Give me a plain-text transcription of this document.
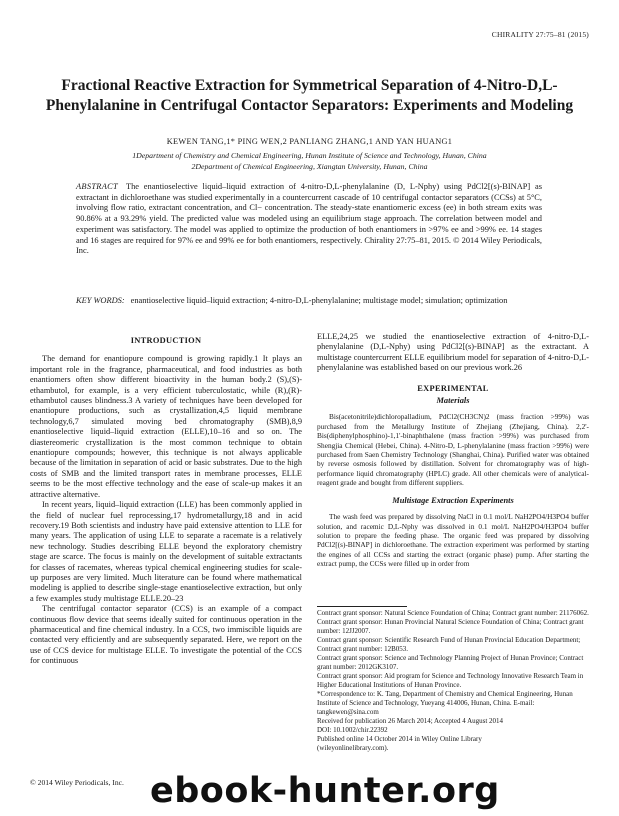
CHIRALITY 27:75–81 (2015)
Fractional Reactive Extraction for Symmetrical Separation of 4-Nitro-D,L-Phenylalanine in Centrifugal Contactor Separators: Experiments and Modeling
KEWEN TANG,1* PING WEN,2 PANLIANG ZHANG,1 AND YAN HUANG1
1Department of Chemistry and Chemical Engineering, Hunan Institute of Science and Technology, Hunan, China
2Department of Chemical Engineering, Xiangtan University, Hunan, China
ABSTRACT The enantioselective liquid–liquid extraction of 4-nitro-D,L-phenylalanine (D, L-Nphy) using PdCl2[(s)-BINAP] as extractant in dichloroethane was studied experimentally in a countercurrent cascade of 10 centrifugal contactor separators (CCSs) at 5°C, involving flow ratio, extractant concentration, and Cl− concentration. The steady-state enantiomeric excess (ee) in both stream exits was 90.86% at a 93.29% yield. The predicted value was modeled using an equilibrium stage approach. The correlation between model and experiment was satisfactory. The model was applied to optimize the production of both enantiomers in >97% ee and >99% ee. 14 stages and 16 stages are required for 97% ee and 99% ee for both enantiomers, respectively. Chirality 27:75–81, 2015. © 2014 Wiley Periodicals, Inc.
KEY WORDS: enantioselective liquid–liquid extraction; 4-nitro-D,L-phenylalanine; multistage model; simulation; optimization
INTRODUCTION

The demand for enantiopure compound is growing rapidly.1 It plays an important role in the fragrance, pharmaceutical, and food industries as both enantiomers often show different bioactivity in the human body.2 (S),(S)-ethambutol, for example, is a very efficient tuberculostatic, while (R),(R)-ethambutol causes blindness.3 A variety of techniques have been developed for enantiopure productions, such as crystallization,4,5 liquid membrane technology,6,7 simulated moving bed chromatography (SMB),8,9 enantioselective liquid–liquid extraction (ELLE),10–16 and so on. The diastereomeric crystallization is the most common technique to obtain enantiopure compounds; however, this technique is not always applicable because of the limitation in separation of acid or basic substrates. Due to the high costs of SMB and the limited transport rates in membrane processes, ELLE seems to be the most effective technology and the ease of scale-up makes it an attractive alternative.

In recent years, liquid–liquid extraction (LLE) has been commonly applied in the field of nuclear fuel reprocessing,17 hydrometallurgy,18 and in acid recovery.19 Both scientists and industry have paid extensive attention to LLE for many years. The application of using LLE to separate a racemate is a relatively new technology. Studies describing ELLE beyond the exploratory chemistry stage are scarce. The focus is mainly on the development of suitable extractants for classes of racemates, whereas typical chemical engineering studies for scale-up purposes are very limited. Much literature can be found where mathematical modeling is applied to describe single-stage enantioselective extraction, but only a few examples study multistage ELLE.20–23

The centrifugal contactor separator (CCS) is an example of a compact continuous flow device that seems ideally suited for continuous operation in the pharmaceutical and fine chemical industry. In a CCS, two immiscible liquids are contacted very efficiently and are subsequently separated. Here, we report on the use of CCS device for multistage ELLE. To investigate the potential of the CCS for continuous

ELLE,24,25 we studied the enantioselective extraction of 4-nitro-D,L-phenylalanine (D,L-Nphy) using PdCl2[(s)-BINAP] as the extractant. A multistage countercurrent ELLE equilibrium model for separation of 4-nitro-D,L-phenylalanine was established based on our previous work.26

EXPERIMENTAL
Materials

Bis(acetonitrile)dichloropalladium, PdCl2(CH3CN)2 (mass fraction >99%) was purchased from the Metallurgy Institute of Zhejiang (Zhejiang, China). 2,2'-Bis(diphenylphosphino)-1,1'-binaphthalene (mass fraction >99%) was purchased from Shengjia Chemical (Hebei, China). 4-Nitro-D, L-phenylalanine (mass fraction >99%) were purchased from Saen Chemistry Technology (Shanghai, China). Purified water was obtained by reverse osmosis followed by distillation. Solvent for chromatography was of high-performance liquid chromatography (HPLC) grade. All other chemicals were of analytical-reagent grade and bought from different suppliers.

Multistage Extraction Experiments

The wash feed was prepared by dissolving NaCl in 0.1 mol/L NaH2PO4/H3PO4 buffer solution, and racemic D,L-Nphy was dissolved in 0.1 mol/L NaH2PO4/H3PO4 buffer solution to prepare the feeding phase. The organic feed was prepared by dissolving PdCl2[(s)-BINAP] in dichloroethane. The extraction experiment was performed by starting the engines of all CCSs and starting the extract (organic phase) pump. After starting the extract pump, the CCSs were filled up in order from

Contract grant sponsor: Natural Science Foundation of China; Contract grant number: 21176062.
Contract grant sponsor: Hunan Provincial Natural Science Foundation of China; Contract grant number: 12JJ2007.
Contract grant sponsor: Scientific Research Fund of Hunan Provincial Education Department; Contract grant number: 12B053.
Contract grant sponsor: Science and Technology Planning Project of Hunan Province; Contract grant number: 2012GK3107.
Contract grant sponsor: Aid program for Science and Technology Innovative Research Team in Higher Educational Institutions of Hunan Province.
*Correspondence to: K. Tang, Department of Chemistry and Chemical Engineering, Hunan Institute of Science and Technology, Yueyang 414006, Hunan, China. E-mail: tangkewen@sina.com
Received for publication 26 March 2014; Accepted 4 August 2014
DOI: 10.1002/chir.22392
Published online 14 October 2014 in Wiley Online Library
(wileyonlinelibrary.com).
© 2014 Wiley Periodicals, Inc. ebook-hunter.org
